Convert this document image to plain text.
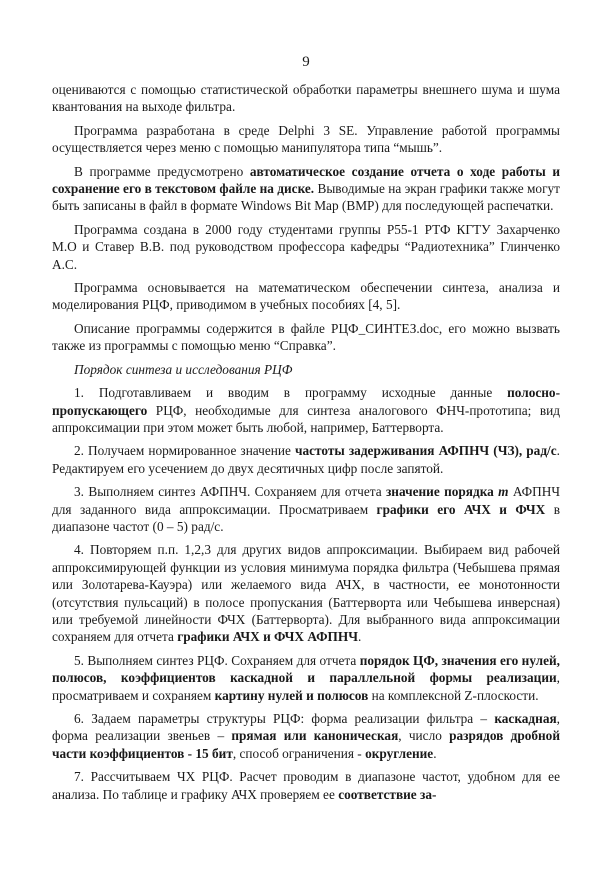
9

оцениваются с помощью статистической обработки параметры внешнего шума и шума квантования на выходе фильтра.

Программа разработана в среде Delphi 3 SE. Управление работой программы осуществляется через меню с помощью манипулятора типа “мышь”.

В программе предусмотрено автоматическое создание отчета о ходе работы и сохранение его в текстовом файле на диске. Выводимые на экран графики также могут быть записаны в файл в формате Windows Bit Map (BMP) для последующей распечатки.

Программа создана в 2000 году студентами группы Р55-1 РТФ КГТУ Захарченко М.О и Ставер В.В. под руководством профессора кафедры “Радиотехника” Глинченко А.С.

Программа основывается на математическом обеспечении синтеза, анализа и моделирования РЦФ, приводимом в учебных пособиях [4, 5].

Описание программы содержится в файле РЦФ_СИНТЕЗ.doc, его можно вызвать также из программы с помощью меню “Справка”.

Порядок синтеза и исследования РЦФ

1. Подготавливаем и вводим в программу исходные данные полосно-пропускающего РЦФ, необходимые для синтеза аналогового ФНЧ-прототипа; вид аппроксимации при этом может быть любой, например, Баттерворта.

2. Получаем нормированное значение частоты задерживания АФПНЧ (ЧЗ), рад/с. Редактируем его усечением до двух десятичных цифр после запятой.

3. Выполняем синтез АФПНЧ. Сохраняем для отчета значение порядка m АФПНЧ для заданного вида аппроксимации. Просматриваем графики его АЧХ и ФЧХ в диапазоне частот (0 – 5) рад/с.

4. Повторяем п.п. 1,2,3 для других видов аппроксимации. Выбираем вид рабочей аппроксимирующей функции из условия минимума порядка фильтра (Чебышева прямая или Золотарева-Кауэра) или желаемого вида АЧХ, в частности, ее монотонности (отсутствия пульсаций) в полосе пропускания (Баттерворта или Чебышева инверсная) или требуемой линейности ФЧХ (Баттерворта). Для выбранного вида аппроксимации сохраняем для отчета графики АЧХ и ФЧХ АФПНЧ.

5. Выполняем синтез РЦФ. Сохраняем для отчета порядок ЦФ, значения его нулей, полюсов, коэффициентов каскадной и параллельной формы реализации, просматриваем и сохраняем картину нулей и полюсов на комплексной Z-плоскости.

6. Задаем параметры структуры РЦФ: форма реализации фильтра – каскадная, форма реализации звеньев – прямая или каноническая, число разрядов дробной части коэффициентов - 15 бит, способ ограничения - округление.

7. Рассчитываем ЧХ РЦФ. Расчет проводим в диапазоне частот, удобном для ее анализа. По таблице и графику АЧХ проверяем ее соответствие за-
